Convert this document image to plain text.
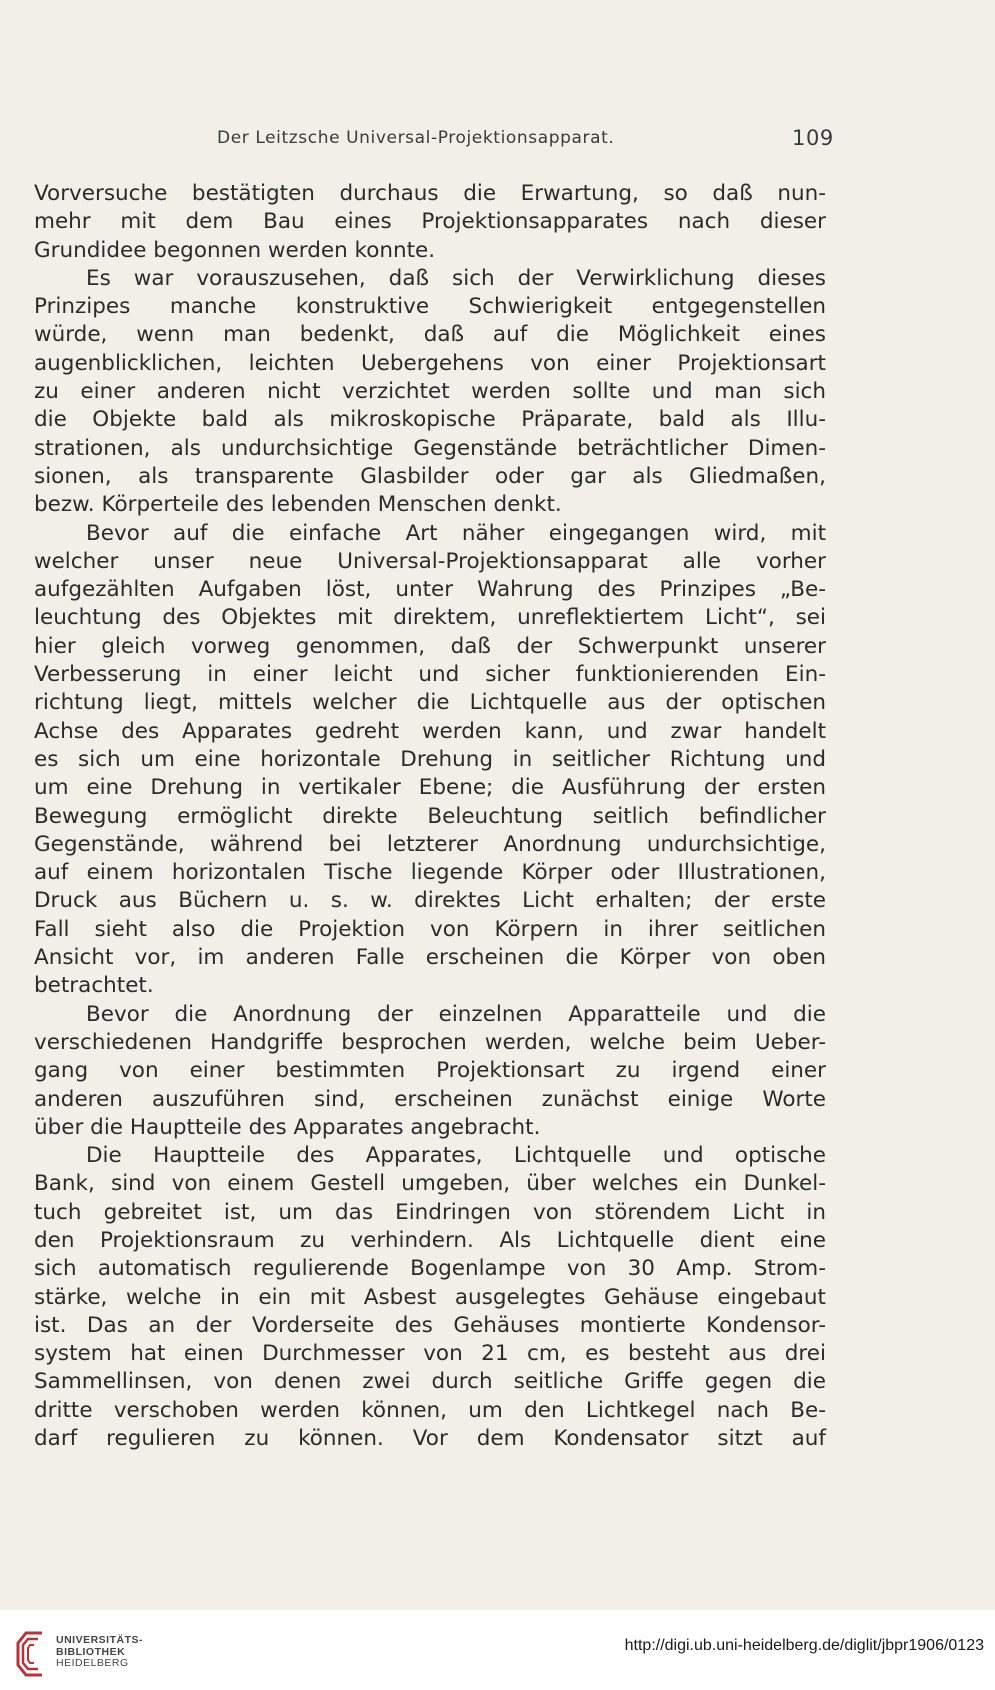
Der Leitzsche Universal-Projektionsapparat.	109
Vorversuche bestätigten durchaus die Erwartung, so daß nun-
mehr mit dem Bau eines Projektionsapparates nach dieser
Grundidee begonnen werden konnte.
Es war vorauszusehen, daß sich der Verwirklichung dieses
Prinzipes manche konstruktive Schwierigkeit entgegenstellen
würde, wenn man bedenkt, daß auf die Möglichkeit eines
augenblicklichen, leichten Uebergehens von einer Projektionsart
zu einer anderen nicht verzichtet werden sollte und man sich
die Objekte bald als mikroskopische Präparate, bald als Illu-
strationen, als undurchsichtige Gegenstände beträchtlicher Dimen-
sionen, als transparente Glasbilder oder gar als Gliedmaßen,
bezw. Körperteile des lebenden Menschen denkt.
Bevor auf die einfache Art näher eingegangen wird, mit
welcher unser neue Universal-Projektionsapparat alle vorher
aufgezählten Aufgaben löst, unter Wahrung des Prinzipes „Be-
leuchtung des Objektes mit direktem, unreflektiertem Licht“, sei
hier gleich vorweg genommen, daß der Schwerpunkt unserer
Verbesserung in einer leicht und sicher funktionierenden Ein-
richtung liegt, mittels welcher die Lichtquelle aus der optischen
Achse des Apparates gedreht werden kann, und zwar handelt
es sich um eine horizontale Drehung in seitlicher Richtung und
um eine Drehung in vertikaler Ebene; die Ausführung der ersten
Bewegung ermöglicht direkte Beleuchtung seitlich befindlicher
Gegenstände, während bei letzterer Anordnung undurchsichtige,
auf einem horizontalen Tische liegende Körper oder Illustrationen,
Druck aus Büchern u. s. w. direktes Licht erhalten; der erste
Fall sieht also die Projektion von Körpern in ihrer seitlichen
Ansicht vor, im anderen Falle erscheinen die Körper von oben
betrachtet.
Bevor die Anordnung der einzelnen Apparatteile und die
verschiedenen Handgriffe besprochen werden, welche beim Ueber-
gang von einer bestimmten Projektionsart zu irgend einer
anderen auszuführen sind, erscheinen zunächst einige Worte
über die Hauptteile des Apparates angebracht.
Die Hauptteile des Apparates, Lichtquelle und optische
Bank, sind von einem Gestell umgeben, über welches ein Dunkel-
tuch gebreitet ist, um das Eindringen von störendem Licht in
den Projektionsraum zu verhindern. Als Lichtquelle dient eine
sich automatisch regulierende Bogenlampe von 30 Amp. Strom-
stärke, welche in ein mit Asbest ausgelegtes Gehäuse eingebaut
ist. Das an der Vorderseite des Gehäuses montierte Kondensor-
system hat einen Durchmesser von 21 cm, es besteht aus drei
Sammellinsen, von denen zwei durch seitliche Griffe gegen die
dritte verschoben werden können, um den Lichtkegel nach Be-
darf regulieren zu können. Vor dem Kondensator sitzt auf
UNIVERSITÄTS-
BIBLIOTHEK
HEIDELBERG
http://digi.ub.uni-heidelberg.de/diglit/jbpr1906/0123
